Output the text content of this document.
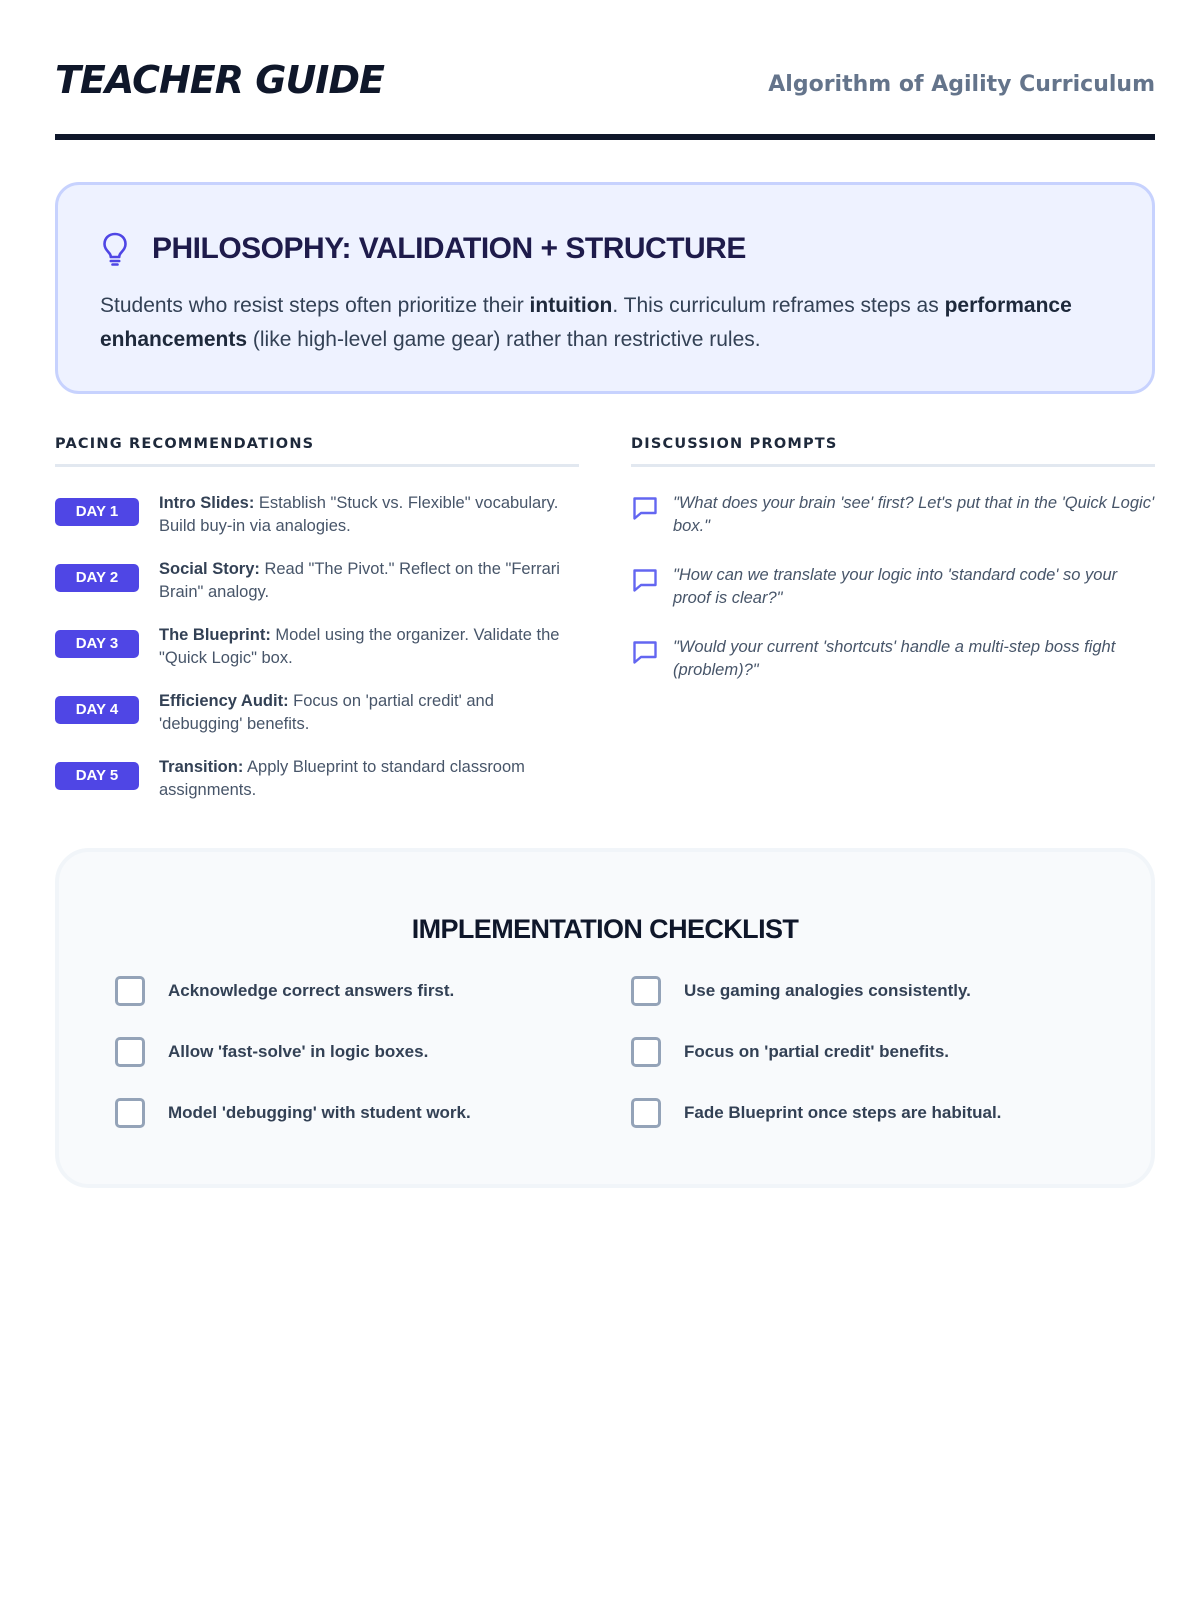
TEACHER GUIDE	Algorithm of Agility Curriculum
PHILOSOPHY: VALIDATION + STRUCTURE
Students who resist steps often prioritize their intuition. This curriculum reframes steps as performance enhancements (like high-level game gear) rather than restrictive rules.
PACING RECOMMENDATIONS
DAY 1	Intro Slides: Establish "Stuck vs. Flexible" vocabulary. Build buy-in via analogies.
DAY 2	Social Story: Read "The Pivot." Reflect on the "Ferrari Brain" analogy.
DAY 3	The Blueprint: Model using the organizer. Validate the "Quick Logic" box.
DAY 4	Efficiency Audit: Focus on 'partial credit' and 'debugging' benefits.
DAY 5	Transition: Apply Blueprint to standard classroom assignments.
DISCUSSION PROMPTS
"What does your brain 'see' first? Let's put that in the 'Quick Logic' box."
"How can we translate your logic into 'standard code' so your proof is clear?"
"Would your current 'shortcuts' handle a multi-step boss fight (problem)?"
IMPLEMENTATION CHECKLIST
Acknowledge correct answers first.	Use gaming analogies consistently.
Allow 'fast-solve' in logic boxes.	Focus on 'partial credit' benefits.
Model 'debugging' with student work.	Fade Blueprint once steps are habitual.
